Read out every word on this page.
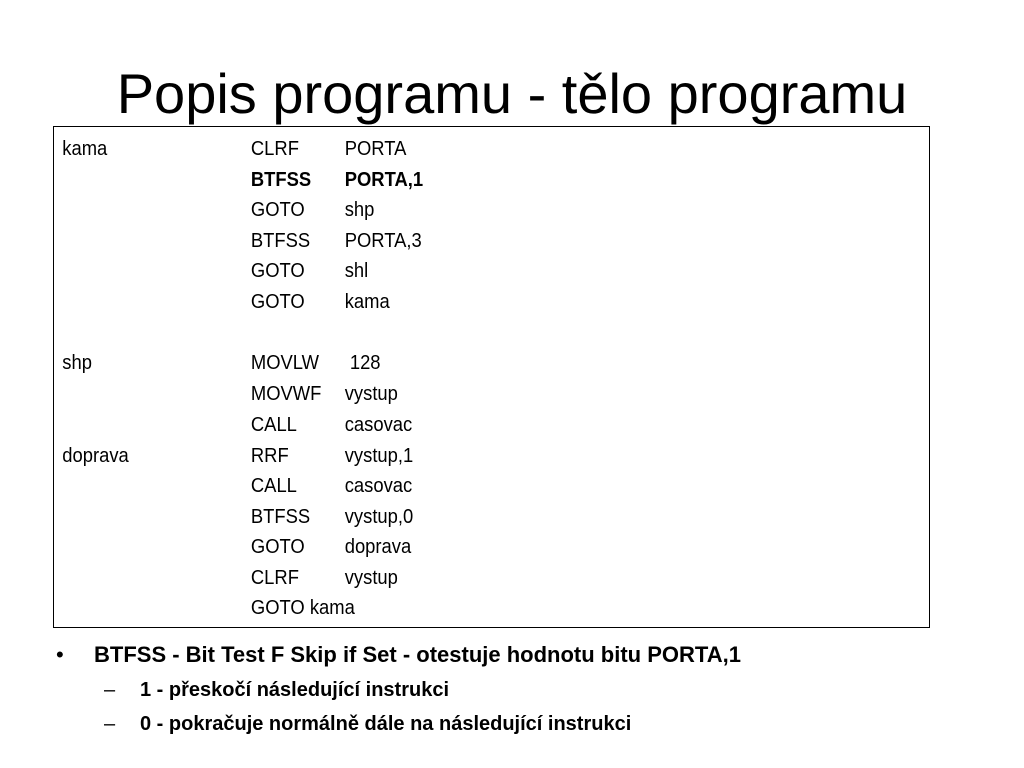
Popis programu - tělo programu
kama	CLRF PORTA
BTFSS PORTA,1
GOTO shp
BTFSS PORTA,3
GOTO shl
GOTO kama
shp	MOVLW 128
MOVWF vystup
CALL casovac
doprava	RRF	vystup,1
CALL casovac
BTFSS vystup,0
GOTO doprava
CLRF vystup
GOTO kama
• BTFSS - Bit Test F Skip if Set - otestuje hodnotu bitu PORTA,1
– 1 - přeskočí následující instrukci
– 0 - pokračuje normálně dále na následující instrukci
